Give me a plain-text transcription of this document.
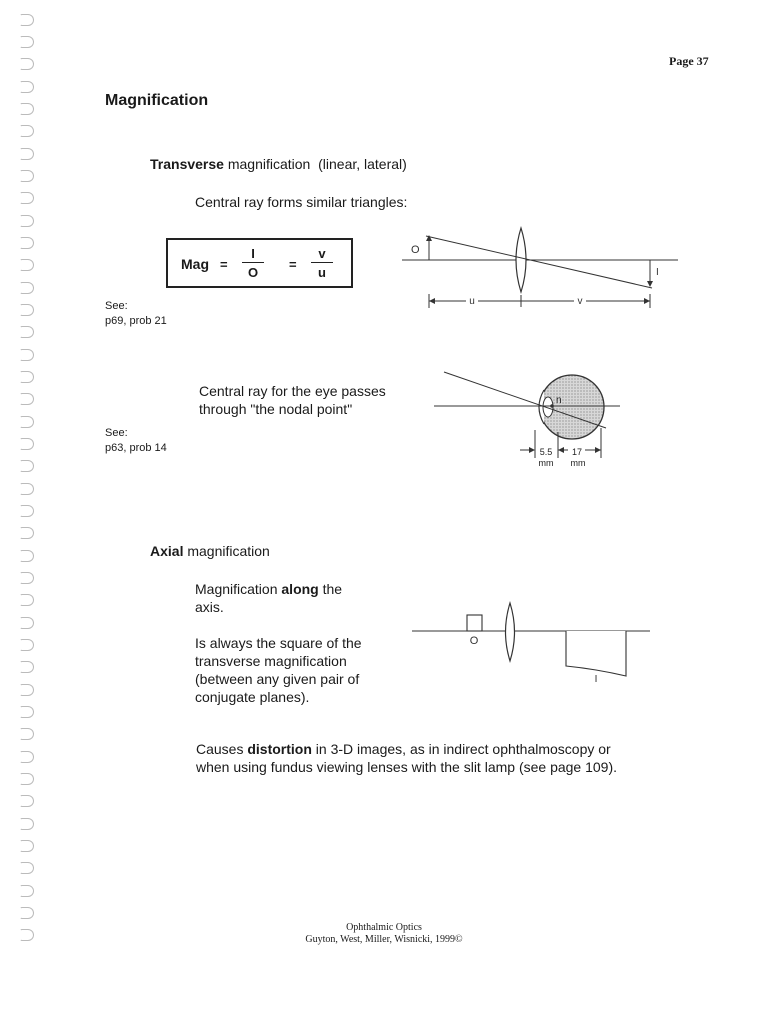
Page 37
Magnification
Transverse magnification  (linear, lateral)
Central ray forms similar triangles:
Mag =
I
O
=
v
u
See:
p69, prob 21
O
I
u	v
Central ray for the eye passes
through "the nodal point"
See:
p63, prob 14
n
5.5
mm
17
mm
Axial magnification
Magnification along the
axis.
Is always the square of the
transverse magnification
(between any given pair of
conjugate planes).
O
I
Causes distortion in 3-D images, as in indirect ophthalmoscopy or
when using fundus viewing lenses with the slit lamp (see page 109).
Ophthalmic Optics
Guyton, West, Miller, Wisnicki, 1999©
